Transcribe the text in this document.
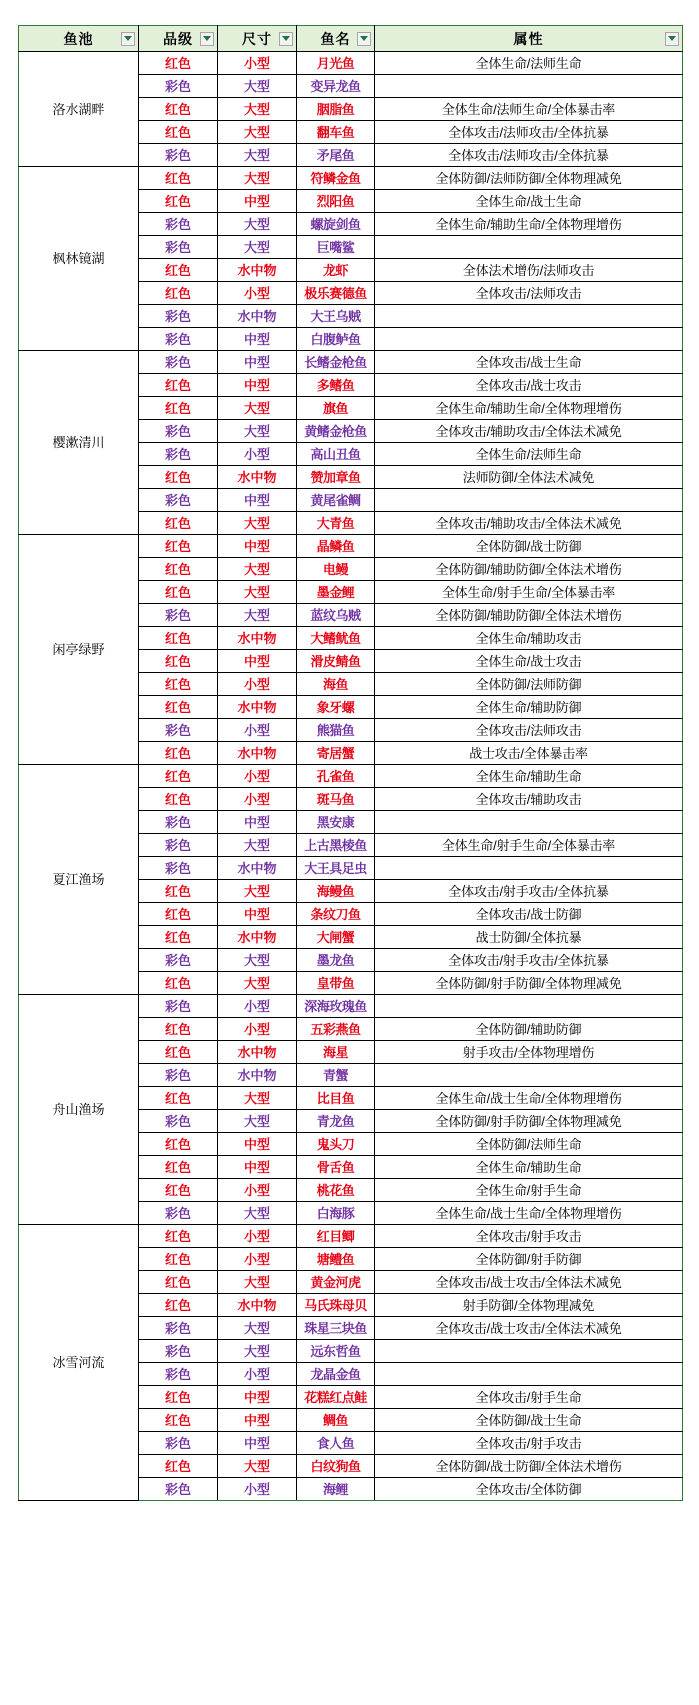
鱼池	品级	尺寸	鱼名	属性

洛水湖畔	红色	小型	月光鱼	全体生命/法师生命
	彩色	大型	变异龙鱼	
	红色	大型	胭脂鱼	全体生命/法师生命/全体暴击率
	红色	大型	翻车鱼	全体攻击/法师攻击/全体抗暴
	彩色	大型	矛尾鱼	全体攻击/法师攻击/全体抗暴
枫林镜湖	红色	大型	符鳞金鱼	全体防御/法师防御/全体物理减免
	红色	中型	烈阳鱼	全体生命/战士生命
	彩色	大型	螺旋剑鱼	全体生命/辅助生命/全体物理增伤
	彩色	大型	巨嘴鲨	
	红色	水中物	龙虾	全体法术增伤/法师攻击
	红色	小型	极乐赛德鱼	全体攻击/法师攻击
	彩色	水中物	大王乌贼	
	彩色	中型	白腹鲈鱼	
樱漱清川	彩色	中型	长鳍金枪鱼	全体攻击/战士生命
	红色	中型	多鳍鱼	全体攻击/战士攻击
	红色	大型	旗鱼	全体生命/辅助生命/全体物理增伤
	彩色	大型	黄鳍金枪鱼	全体攻击/辅助攻击/全体法术减免
	彩色	小型	高山丑鱼	全体生命/法师生命
	红色	水中物	赞加章鱼	法师防御/全体法术减免
	彩色	中型	黄尾雀鲷	
	红色	大型	大青鱼	全体攻击/辅助攻击/全体法术减免
闲亭绿野	红色	中型	晶鳞鱼	全体防御/战士防御
	红色	大型	电鳗	全体防御/辅助防御/全体法术增伤
	红色	大型	墨金鲤	全体生命/射手生命/全体暴击率
	彩色	大型	蓝纹乌贼	全体防御/辅助防御/全体法术增伤
	红色	水中物	大鳍鱿鱼	全体生命/辅助攻击
	红色	中型	滑皮鲭鱼	全体生命/战士攻击
	红色	小型	海鱼	全体防御/法师防御
	红色	水中物	象牙螺	全体生命/辅助防御
	彩色	小型	熊猫鱼	全体攻击/法师攻击
	红色	水中物	寄居蟹	战士攻击/全体暴击率
夏江渔场	红色	小型	孔雀鱼	全体生命/辅助生命
	红色	小型	斑马鱼	全体攻击/辅助攻击
	彩色	中型	黑安康	
	彩色	大型	上古黑棱鱼	全体生命/射手生命/全体暴击率
	彩色	水中物	大王具足虫	
	红色	大型	海鳗鱼	全体攻击/射手攻击/全体抗暴
	红色	中型	条纹刀鱼	全体攻击/战士防御
	红色	水中物	大闸蟹	战士防御/全体抗暴
	彩色	大型	墨龙鱼	全体攻击/射手攻击/全体抗暴
	红色	大型	皇带鱼	全体防御/射手防御/全体物理减免
舟山渔场	彩色	小型	深海玫瑰鱼	
	红色	小型	五彩燕鱼	全体防御/辅助防御
	红色	水中物	海星	射手攻击/全体物理增伤
	彩色	水中物	青蟹	
	红色	大型	比目鱼	全体生命/战士生命/全体物理增伤
	彩色	大型	青龙鱼	全体防御/射手防御/全体物理减免
	红色	中型	鬼头刀	全体防御/法师生命
	红色	中型	骨舌鱼	全体生命/辅助生命
	红色	小型	桃花鱼	全体生命/射手生命
	彩色	大型	白海豚	全体生命/战士生命/全体物理增伤
冰雪河流	红色	小型	红目鲫	全体攻击/射手攻击
	红色	小型	塘鳢鱼	全体防御/射手防御
	红色	大型	黄金河虎	全体攻击/战士攻击/全体法术减免
	红色	水中物	马氏珠母贝	射手防御/全体物理减免
	彩色	大型	珠星三块鱼	全体攻击/战士攻击/全体法术减免
	彩色	大型	远东哲鱼	
	彩色	小型	龙晶金鱼	
	红色	中型	花糕红点鲑	全体攻击/射手生命
	红色	中型	鲷鱼	全体防御/战士生命
	彩色	中型	食人鱼	全体攻击/射手攻击
	红色	大型	白纹狗鱼	全体防御/战士防御/全体法术增伤
	彩色	小型	海鲤	全体攻击/全体防御
